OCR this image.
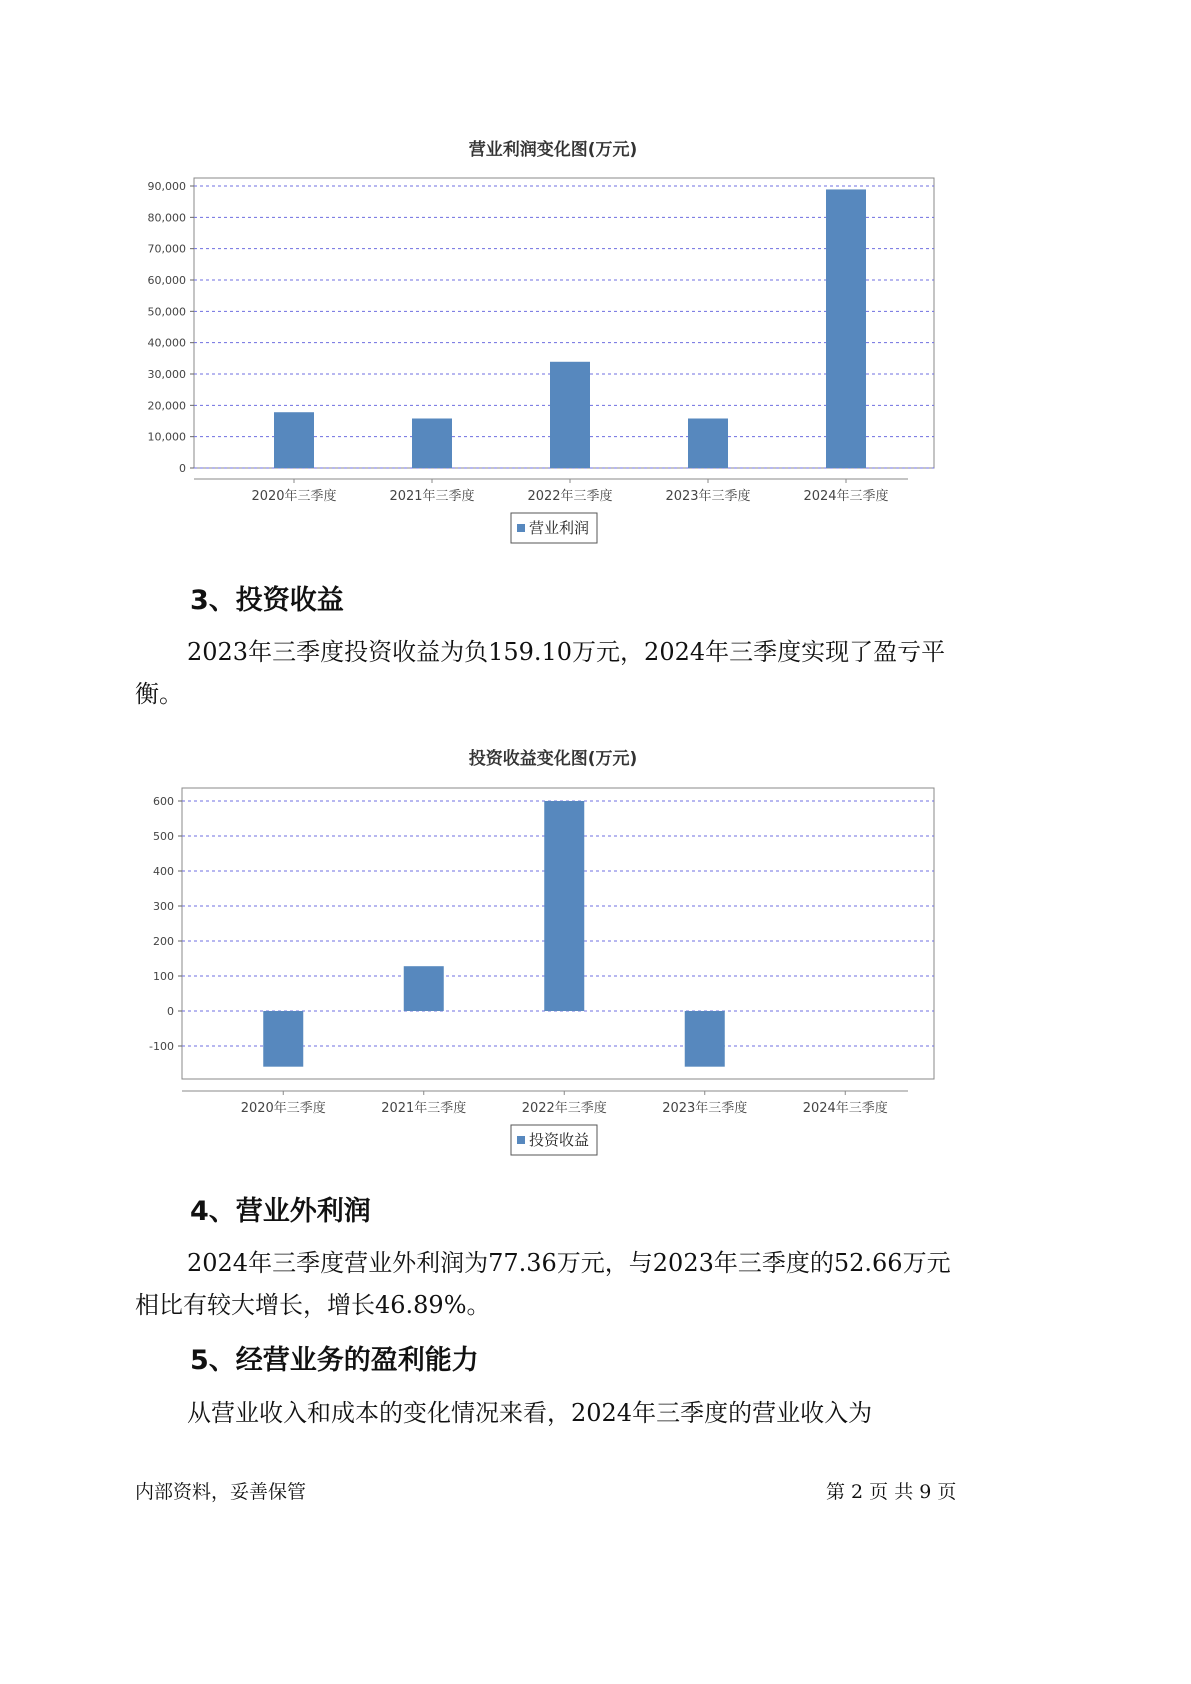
营业利润变化图(万元)
0
10,000
20,000
30,000
40,000
50,000
60,000
70,000
80,000
90,000
2020年三季度	2021年三季度	2022年三季度	2023年三季度	2024年三季度
营业利润
3、投资收益

2023年三季度投资收益为负159.10万元，2024年三季度实现了盈亏平

衡。

投资收益变化图(万元)
-100
0
100
200
300
400
500
600
2020年三季度	2021年三季度	2022年三季度	2023年三季度	2024年三季度
投资收益
4、营业外利润

2024年三季度营业外利润为77.36万元，与2023年三季度的52.66万元

相比有较大增长，增长46.89%。

5、经营业务的盈利能力

从营业收入和成本的变化情况来看，2024年三季度的营业收入为

内部资料，妥善保管	第 2 页 共 9 页
